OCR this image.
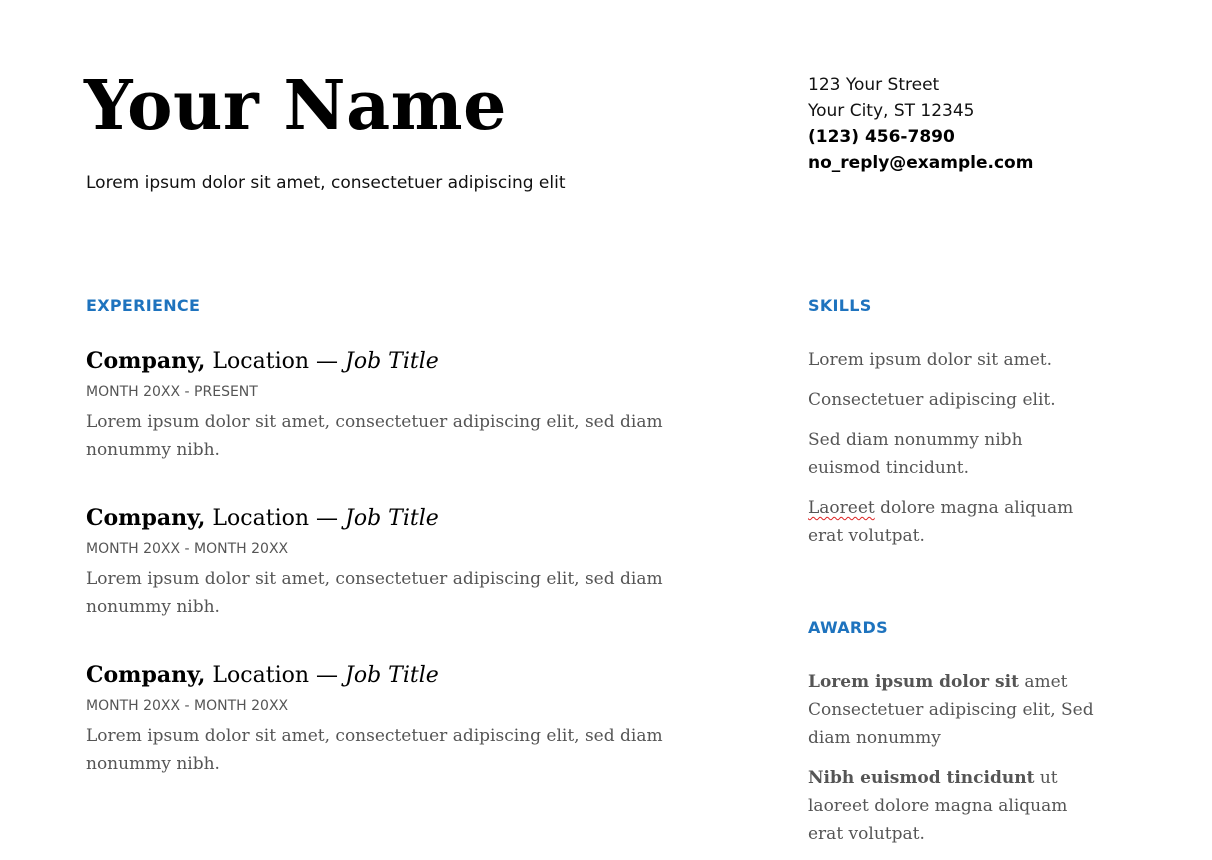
Your Name
Lorem ipsum dolor sit amet, consectetuer adipiscing elit
123 Your Street
Your City, ST 12345
(123) 456-7890
no_reply@example.com
EXPERIENCE
Company, Location — Job Title
MONTH 20XX - PRESENT
Lorem ipsum dolor sit amet, consectetuer adipiscing elit, sed diam nonummy nibh.
Company, Location — Job Title
MONTH 20XX - MONTH 20XX
Lorem ipsum dolor sit amet, consectetuer adipiscing elit, sed diam nonummy nibh.
Company, Location — Job Title
MONTH 20XX - MONTH 20XX
Lorem ipsum dolor sit amet, consectetuer adipiscing elit, sed diam nonummy nibh.
SKILLS

Lorem ipsum dolor sit amet.

Consectetuer adipiscing elit.

Sed diam nonummy nibh euismod tincidunt.

Laoreet dolore magna aliquam erat volutpat.

AWARDS

Lorem ipsum dolor sit amet Consectetuer adipiscing elit, Sed diam nonummy

Nibh euismod tincidunt ut laoreet dolore magna aliquam erat volutpat.
